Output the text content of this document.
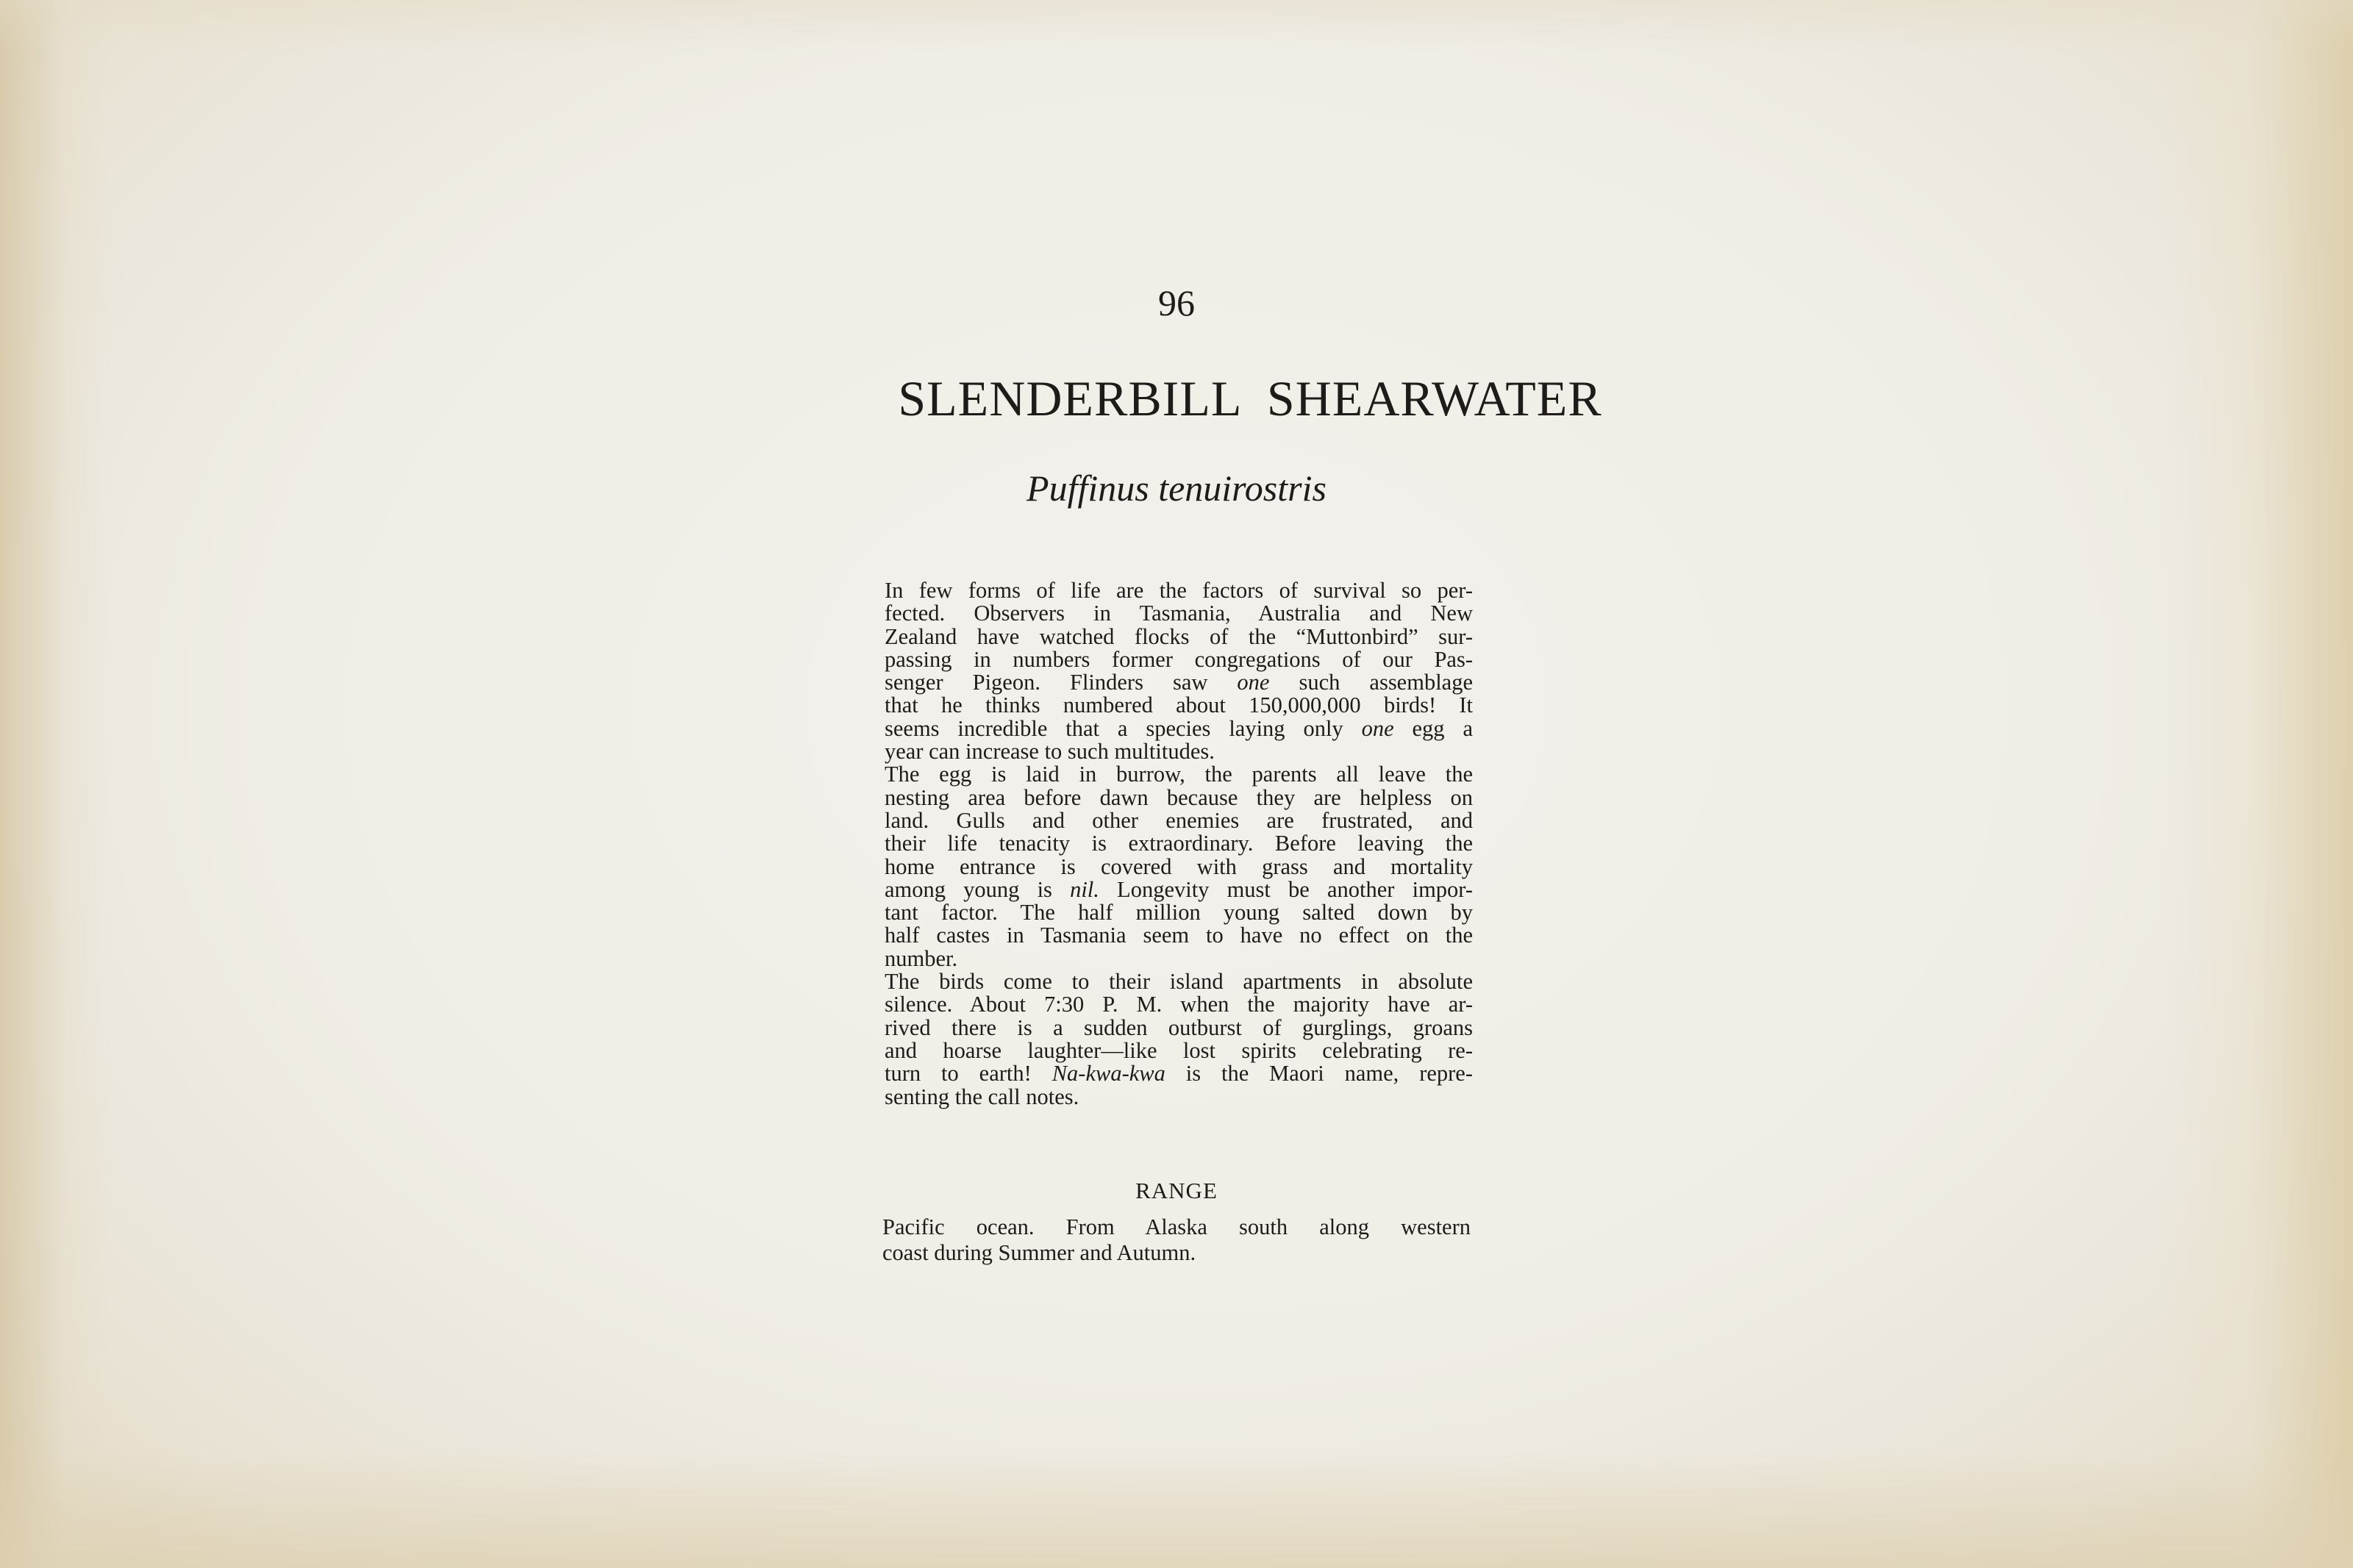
96
SLENDERBILL SHEARWATER
Puffinus tenuirostris
In few forms of life are the factors of survival so per-
fected. Observers in Tasmania, Australia and New
Zealand have watched flocks of the “Muttonbird” sur-
passing in numbers former congregations of our Pas-
senger Pigeon. Flinders saw one such assemblage
that he thinks numbered about 150,000,000 birds! It
seems incredible that a species laying only one egg a
year can increase to such multitudes.
The egg is laid in burrow, the parents all leave the
nesting area before dawn because they are helpless on
land. Gulls and other enemies are frustrated, and
their life tenacity is extraordinary. Before leaving the
home entrance is covered with grass and mortality
among young is nil. Longevity must be another impor-
tant factor. The half million young salted down by
half castes in Tasmania seem to have no effect on the
number.
The birds come to their island apartments in absolute
silence. About 7:30 P. M. when the majority have ar-
rived there is a sudden outburst of gurglings, groans
and hoarse laughter—like lost spirits celebrating re-
turn to earth! Na-kwa-kwa is the Maori name, repre-
senting the call notes.
RANGE
Pacific ocean. From Alaska south along western
coast during Summer and Autumn.
